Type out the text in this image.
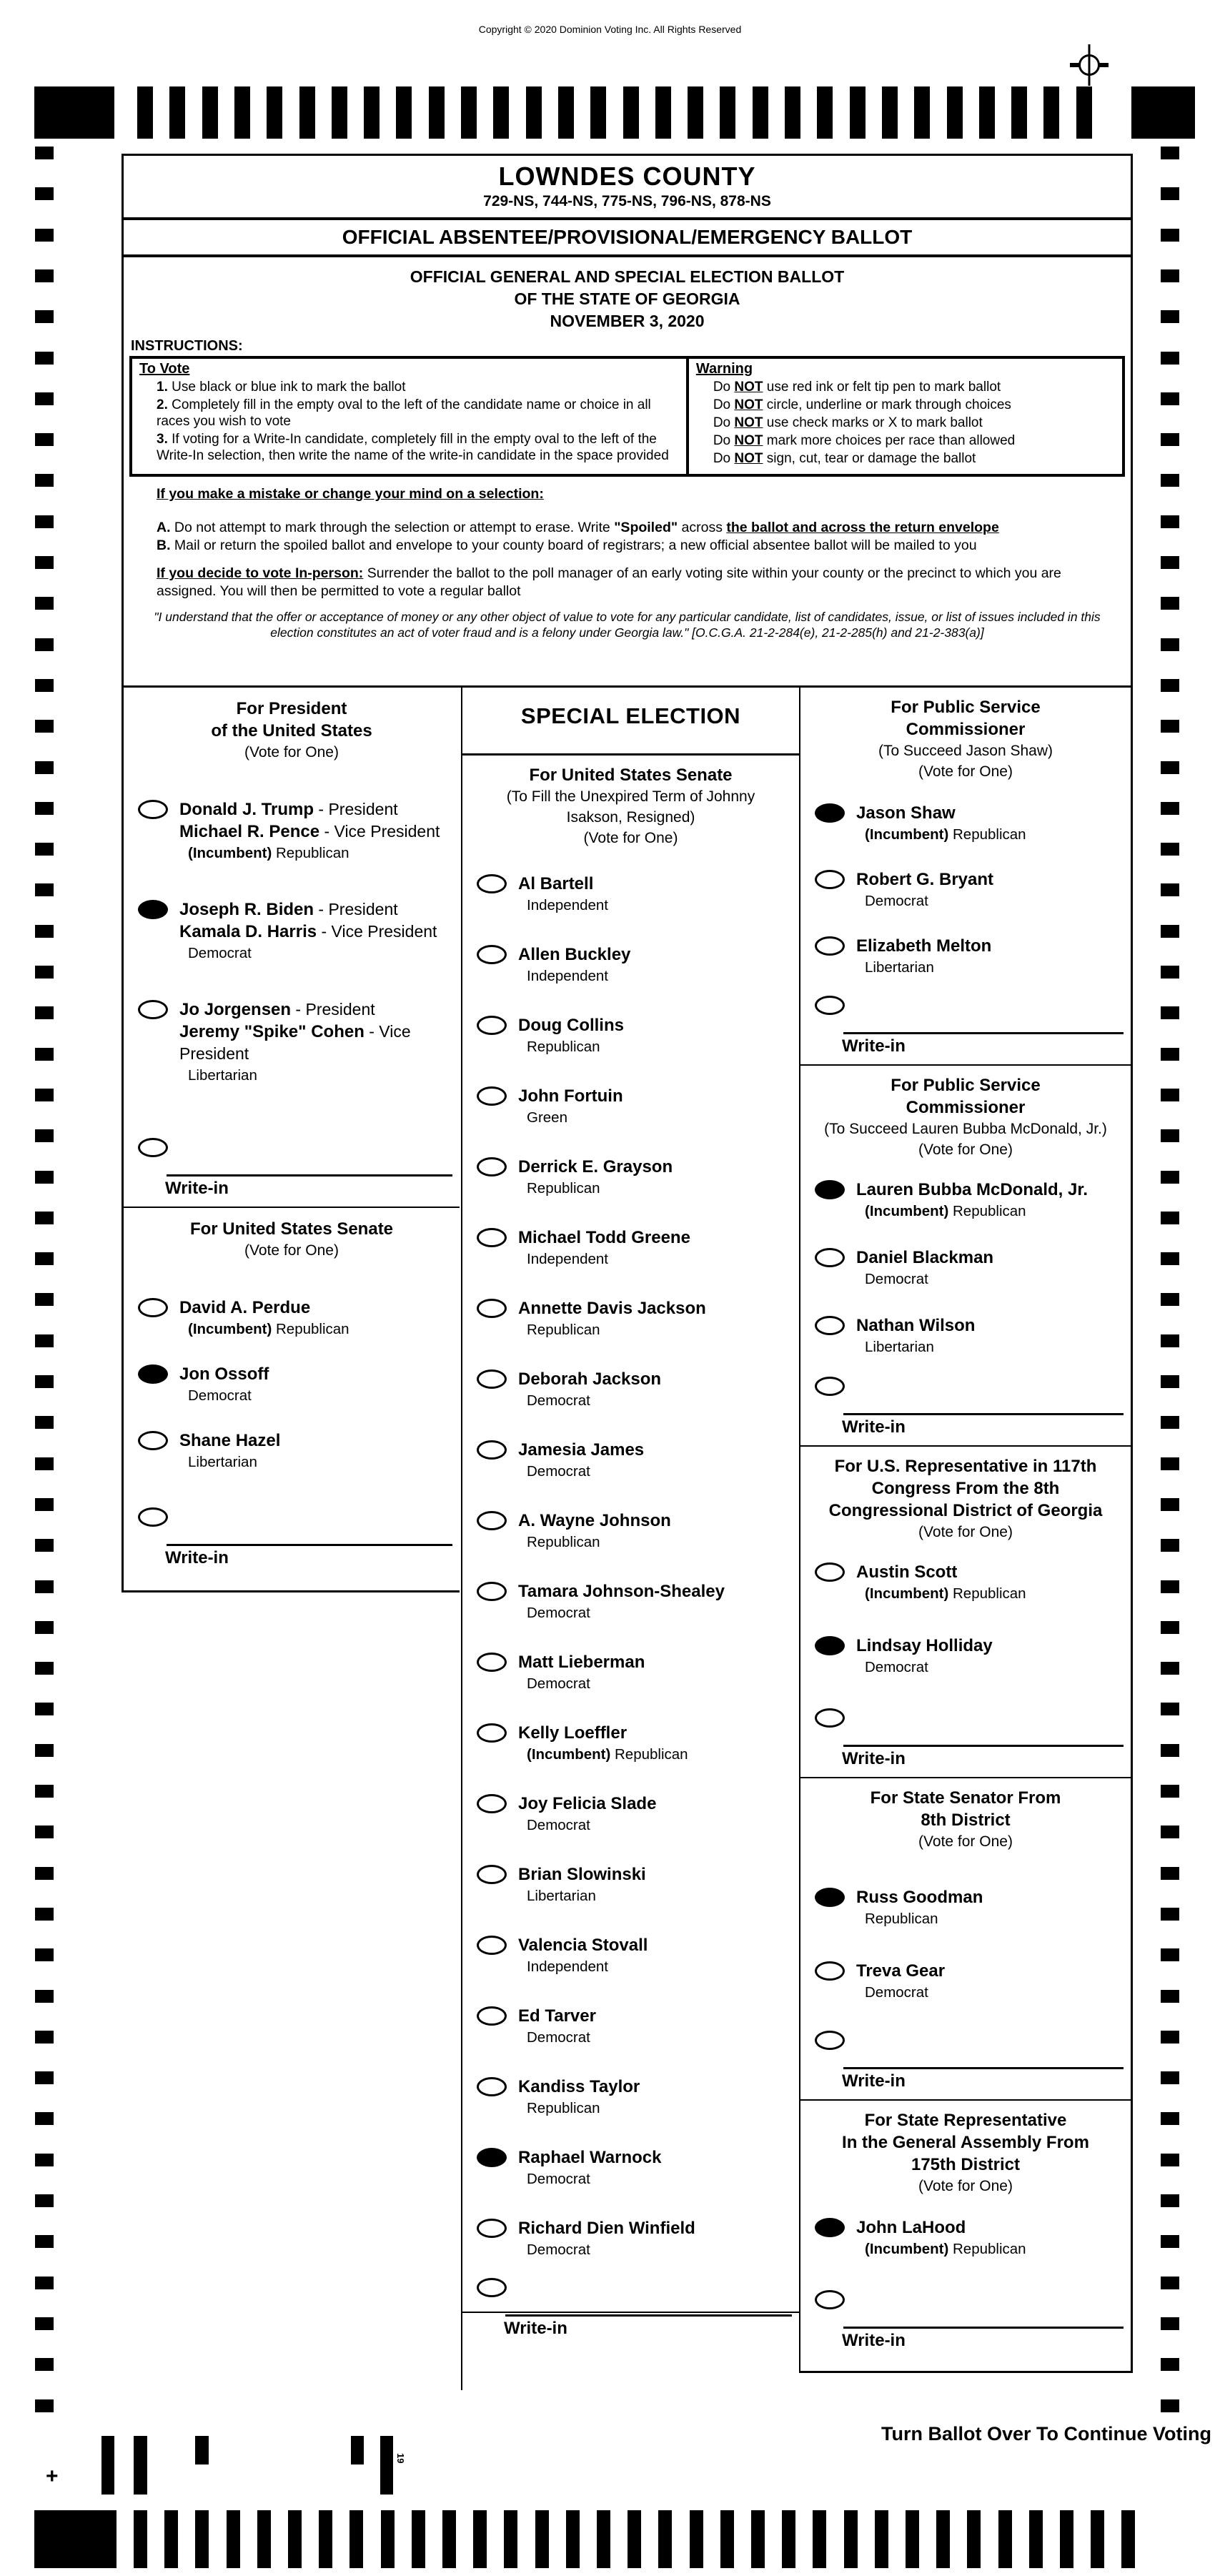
Copyright © 2020 Dominion Voting Inc. All Rights Reserved
LOWNDES COUNTY
729-NS, 744-NS, 775-NS, 796-NS, 878-NS
OFFICIAL ABSENTEE/PROVISIONAL/EMERGENCY BALLOT
OFFICIAL GENERAL AND SPECIAL ELECTION BALLOT
OF THE STATE OF GEORGIA
NOVEMBER 3, 2020
INSTRUCTIONS:
To Vote
1. Use black or blue ink to mark the ballot
2. Completely fill in the empty oval to the left of the candidate name or choice in all races you wish to vote
3. If voting for a Write-In candidate, completely fill in the empty oval to the left of the Write-In selection, then write the name of the write-in candidate in the space provided
Warning
Do NOT use red ink or felt tip pen to mark ballot
Do NOT circle, underline or mark through choices
Do NOT use check marks or X to mark ballot
Do NOT mark more choices per race than allowed
Do NOT sign, cut, tear or damage the ballot
If you make a mistake or change your mind on a selection:
A. Do not attempt to mark through the selection or attempt to erase. Write "Spoiled" across the ballot and across the return envelope
B. Mail or return the spoiled ballot and envelope to your county board of registrars; a new official absentee ballot will be mailed to you
If you decide to vote In-person: Surrender the ballot to the poll manager of an early voting site within your county or the precinct to which you are assigned. You will then be permitted to vote a regular ballot
"I understand that the offer or acceptance of money or any other object of value to vote for any particular candidate, list of candidates, issue, or list of issues included in this
election constitutes an act of voter fraud and is a felony under Georgia law." [O.C.G.A. 21-2-284(e), 21-2-285(h) and 21-2-383(a)]
For President
of the United States
(Vote for One)
Donald J. Trump - President
Michael R. Pence - Vice President
(Incumbent) Republican
Joseph R. Biden - President
Kamala D. Harris - Vice President
Democrat
Jo Jorgensen - President
Jeremy "Spike" Cohen - Vice President
Libertarian
Write-in
For United States Senate
(Vote for One)
David A. Perdue
(Incumbent) Republican
Jon Ossoff
Democrat
Shane Hazel
Libertarian
Write-in
SPECIAL ELECTION
For United States Senate
(To Fill the Unexpired Term of Johnny
Isakson, Resigned)
(Vote for One)
Al Bartell
Independent
Allen Buckley
Independent
Doug Collins
Republican
John Fortuin
Green
Derrick E. Grayson
Republican
Michael Todd Greene
Independent
Annette Davis Jackson
Republican
Deborah Jackson
Democrat
Jamesia James
Democrat
A. Wayne Johnson
Republican
Tamara Johnson-Shealey
Democrat
Matt Lieberman
Democrat
Kelly Loeffler
(Incumbent) Republican
Joy Felicia Slade
Democrat
Brian Slowinski
Libertarian
Valencia Stovall
Independent
Ed Tarver
Democrat
Kandiss Taylor
Republican
Raphael Warnock
Democrat
Richard Dien Winfield
Democrat
Write-in
For Public Service
Commissioner
(To Succeed Jason Shaw)
(Vote for One)
Jason Shaw
(Incumbent) Republican
Robert G. Bryant
Democrat
Elizabeth Melton
Libertarian
Write-in
For Public Service
Commissioner
(To Succeed Lauren Bubba McDonald, Jr.)
(Vote for One)
Lauren Bubba McDonald, Jr.
(Incumbent) Republican
Daniel Blackman
Democrat
Nathan Wilson
Libertarian
Write-in
For U.S. Representative in 117th
Congress From the 8th
Congressional District of Georgia
(Vote for One)
Austin Scott
(Incumbent) Republican
Lindsay Holliday
Democrat
Write-in
For State Senator From
8th District
(Vote for One)
Russ Goodman
Republican
Treva Gear
Democrat
Write-in
For State Representative
In the General Assembly From
175th District
(Vote for One)
John LaHood
(Incumbent) Republican
Write-in
+
19
Turn Ballot Over To Continue Voting
